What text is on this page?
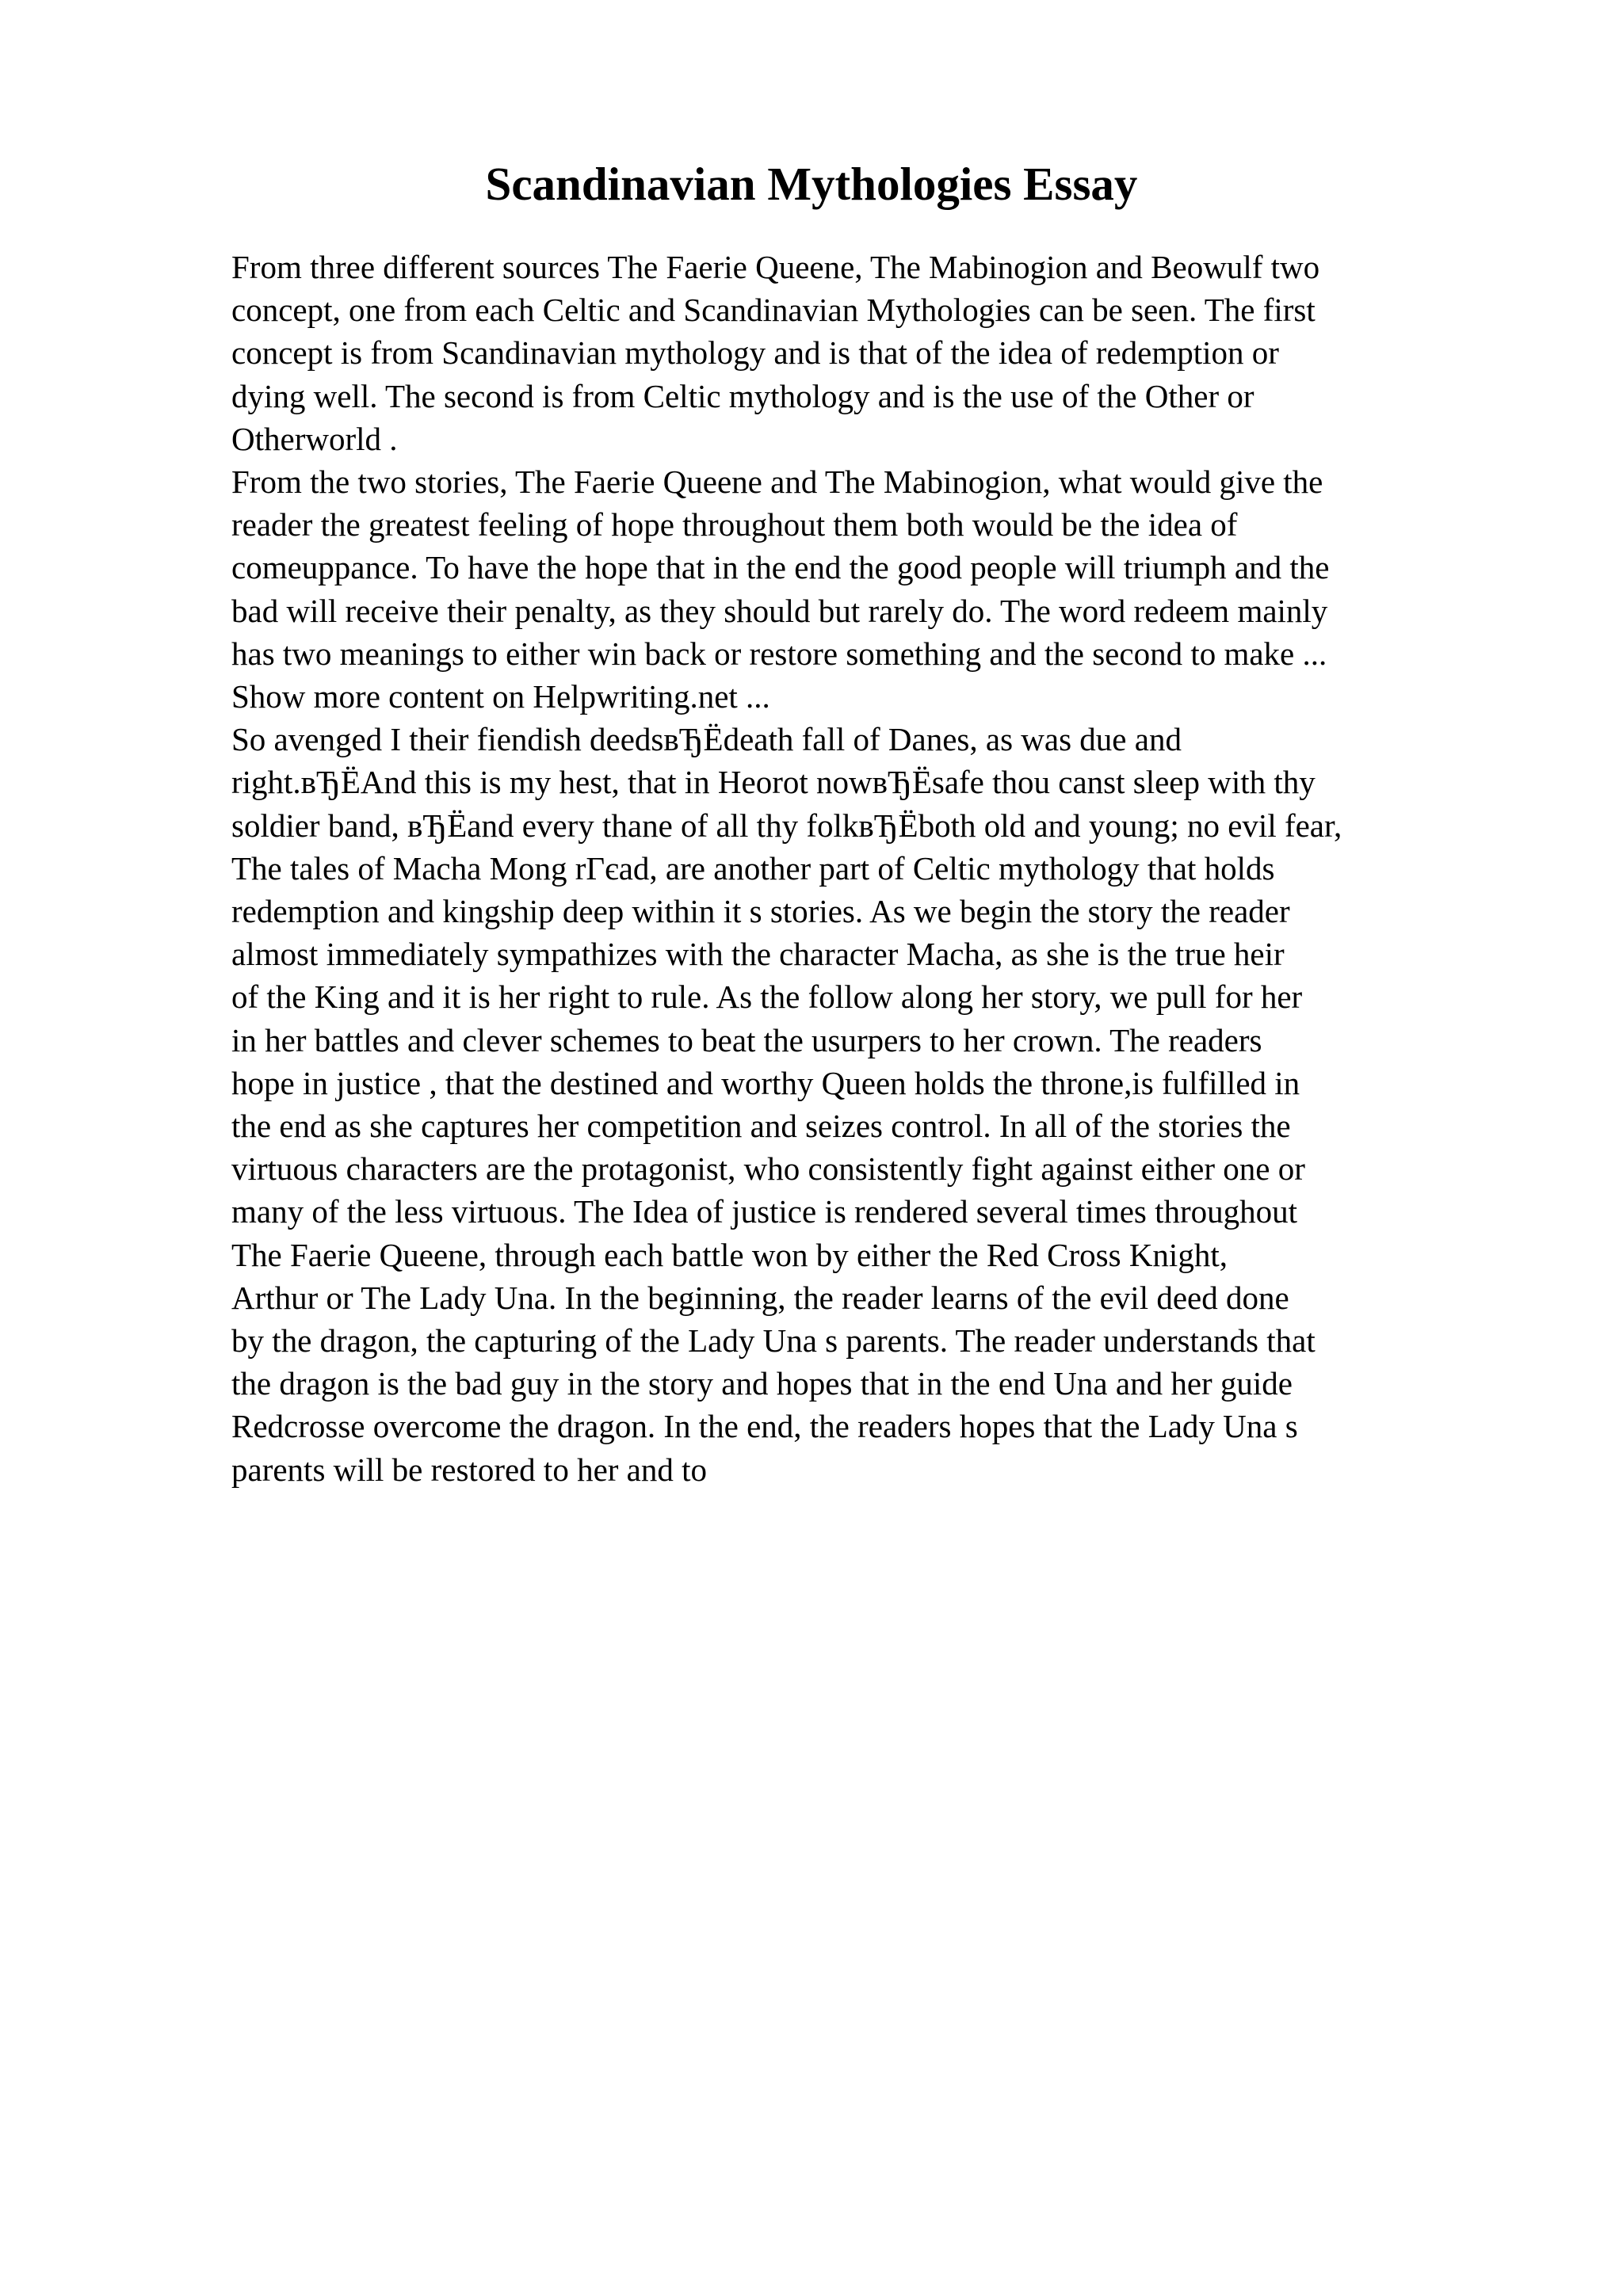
Scandinavian Mythologies Essay
From three different sources The Faerie Queene, The Mabinogion and Beowulf two
concept, one from each Celtic and Scandinavian Mythologies can be seen. The first
concept is from Scandinavian mythology and is that of the idea of redemption or
dying well. The second is from Celtic mythology and is the use of the Other or
Otherworld .
From the two stories, The Faerie Queene and The Mabinogion, what would give the
reader the greatest feeling of hope throughout them both would be the idea of
comeuppance. To have the hope that in the end the good people will triumph and the
bad will receive their penalty, as they should but rarely do. The word redeem mainly
has two meanings to either win back or restore something and the second to make ...
Show more content on Helpwriting.net ...
So avenged I their fiendish deedsвЂЁdeath fall of Danes, as was due and
right.вЂЁAnd this is my hest, that in Heorot nowвЂЁsafe thou canst sleep with thy
soldier band, вЂЁand every thane of all thy folkвЂЁboth old and young; no evil fear,
The tales of Macha Mong rГєad, are another part of Celtic mythology that holds
redemption and kingship deep within it s stories. As we begin the story the reader
almost immediately sympathizes with the character Macha, as she is the true heir
of the King and it is her right to rule. As the follow along her story, we pull for her
in her battles and clever schemes to beat the usurpers to her crown. The readers
hope in justice , that the destined and worthy Queen holds the throne,is fulfilled in
the end as she captures her competition and seizes control. In all of the stories the
virtuous characters are the protagonist, who consistently fight against either one or
many of the less virtuous. The Idea of justice is rendered several times throughout
The Faerie Queene, through each battle won by either the Red Cross Knight,
Arthur or The Lady Una. In the beginning, the reader learns of the evil deed done
by the dragon, the capturing of the Lady Una s parents. The reader understands that
the dragon is the bad guy in the story and hopes that in the end Una and her guide
Redcrosse overcome the dragon. In the end, the readers hopes that the Lady Una s
parents will be restored to her and to
